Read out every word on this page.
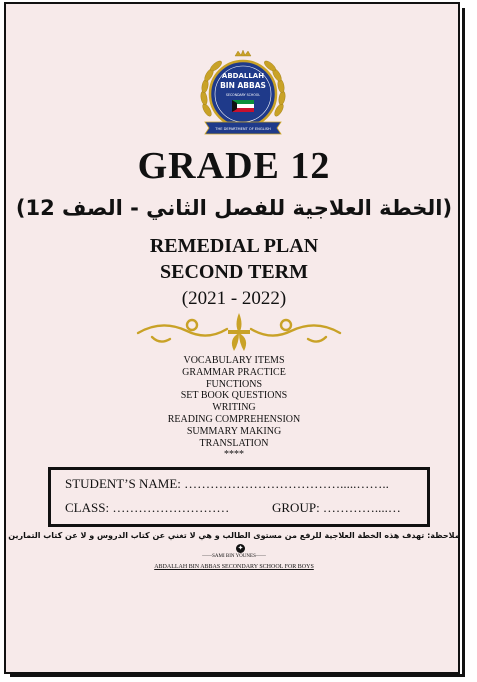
ABDALLAH
BIN ABBAS
SECONDARY SCHOOL
THE DEPARTMENT OF ENGLISH
GRADE 12
(الخطة العلاجية للفصل الثاني - الصف 12)
REMEDIAL PLAN
SECOND TERM
(2021 - 2022)
VOCABULARY ITEMS
GRAMMAR PRACTICE
FUNCTIONS
SET BOOK QUESTIONS
WRITING
READING COMPREHENSION
SUMMARY MAKING
TRANSLATION
****
STUDENT’S NAME: ……………………………….....……..
CLASS: ………………………	GROUP: …………....…
ملاحظة: تهدف هذه الخطة العلاجية للرفع من مستوى الطالب و هي لا تغني عن كتاب الدروس و لا عن كتاب التمارين
✦
——SAMI BIN YOUNES——
ABDALLAH BIN ABBAS SECONDARY SCHOOL FOR BOYS
